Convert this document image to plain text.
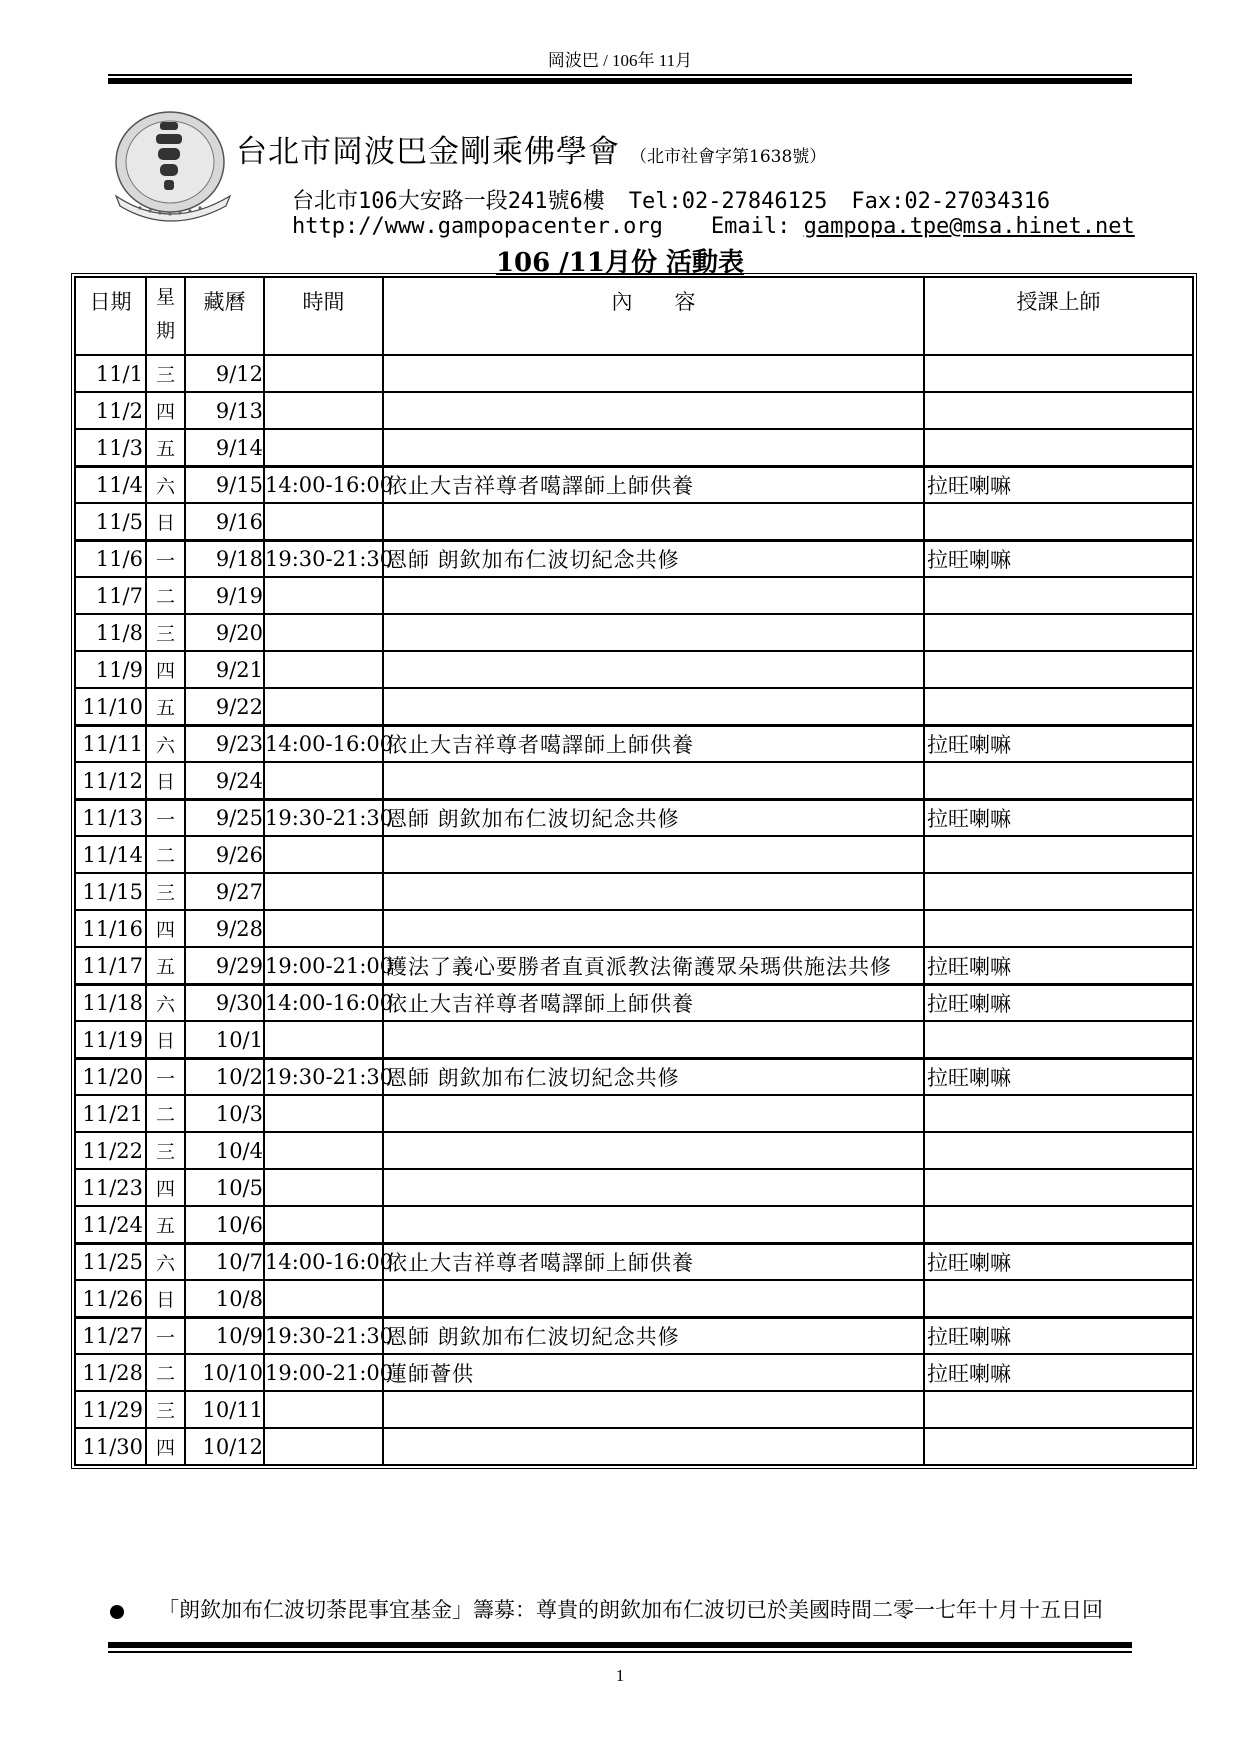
岡波巴 / 106年 11月
台北市岡波巴金剛乘佛學會 （北市社會字第1638號）
台北市106大安路一段241號6樓 Tel:02-27846125 Fax:02-27034316
http://www.gampopacenter.org Email: gampopa.tpe@msa.hinet.net
106 /11月份 活動表
日期	星期	藏曆	時間	內　　容	授課上師
11/1	三	9/12			
11/2	四	9/13			
11/3	五	9/14			
11/4	六	9/15	14:00-16:00	依止大吉祥尊者噶譯師上師供養	拉旺喇嘛
11/5	日	9/16			
11/6	一	9/18	19:30-21:30	恩師 朗欽加布仁波切紀念共修	拉旺喇嘛
11/7	二	9/19			
11/8	三	9/20			
11/9	四	9/21			
11/10	五	9/22			
11/11	六	9/23	14:00-16:00	依止大吉祥尊者噶譯師上師供養	拉旺喇嘛
11/12	日	9/24			
11/13	一	9/25	19:30-21:30	恩師 朗欽加布仁波切紀念共修	拉旺喇嘛
11/14	二	9/26			
11/15	三	9/27			
11/16	四	9/28			
11/17	五	9/29	19:00-21:00	護法了義心要勝者直貢派教法衛護眾朵瑪供施法共修	拉旺喇嘛
11/18	六	9/30	14:00-16:00	依止大吉祥尊者噶譯師上師供養	拉旺喇嘛
11/19	日	10/1			
11/20	一	10/2	19:30-21:30	恩師 朗欽加布仁波切紀念共修	拉旺喇嘛
11/21	二	10/3			
11/22	三	10/4			
11/23	四	10/5			
11/24	五	10/6			
11/25	六	10/7	14:00-16:00	依止大吉祥尊者噶譯師上師供養	拉旺喇嘛
11/26	日	10/8			
11/27	一	10/9	19:30-21:30	恩師 朗欽加布仁波切紀念共修	拉旺喇嘛
11/28	二	10/10	19:00-21:00	蓮師薈供	拉旺喇嘛
11/29	三	10/11			
11/30	四	10/12			
「朗欽加布仁波切荼毘事宜基金」籌募：尊貴的朗欽加布仁波切已於美國時間二零一七年十月十五日回
1
